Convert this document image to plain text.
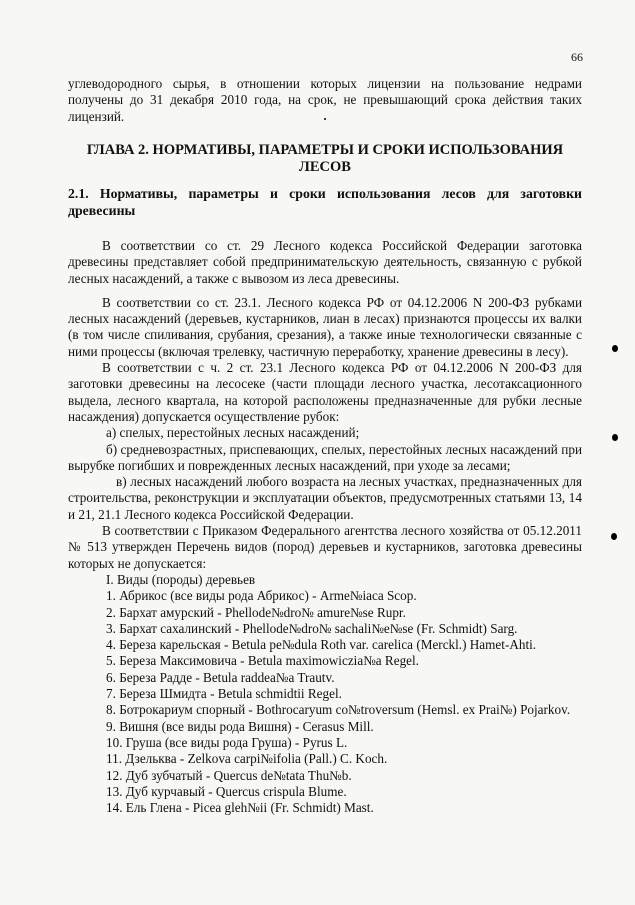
66
углеводородного сырья, в отношении которых лицензии на пользование недрами получены до 31 декабря 2010 года, на срок, не превышающий срока действия таких лицензий.
ГЛАВА 2. НОРМАТИВЫ, ПАРАМЕТРЫ И СРОКИ ИСПОЛЬЗОВАНИЯ ЛЕСОВ
2.1. Нормативы, параметры и сроки использования лесов для заготовки древесины

В соответствии со ст. 29 Лесного кодекса Российской Федерации заготовка древесины представляет собой предпринимательскую деятельность, связанную с рубкой лесных насаждений, а также с вывозом из леса древесины.

В соответствии со ст. 23.1. Лесного кодекса РФ от 04.12.2006 N 200-ФЗ рубками лесных насаждений (деревьев, кустарников, лиан в лесах) признаются процессы их валки (в том числе спиливания, срубания, срезания), а также иные технологически связанные с ними процессы (включая трелевку, частичную переработку, хранение древесины в лесу).

В соответствии с ч. 2 ст. 23.1 Лесного кодекса РФ от 04.12.2006 N 200-ФЗ для заготовки древесины на лесосеке (части площади лесного участка, лесотаксационного выдела, лесного квартала, на которой расположены предназначенные для рубки лесные насаждения) допускается осуществление рубок:

а) спелых, перестойных лесных насаждений;

б) средневозрастных, приспевающих, спелых, перестойных лесных насаждений при вырубке погибших и поврежденных лесных насаждений, при уходе за лесами;

в) лесных насаждений любого возраста на лесных участках, предназначенных для строительства, реконструкции и эксплуатации объектов, предусмотренных статьями 13, 14 и 21, 21.1 Лесного кодекса Российской Федерации.

В соответствии с Приказом Федерального агентства лесного хозяйства от 05.12.2011 № 513 утвержден Перечень видов (пород) деревьев и кустарников, заготовка древесины которых не допускается:

I. Виды (породы) деревьев

1. Абрикос (все виды рода Абрикос) - Arme№iaca Scop.
2. Бархат амурский - Phellode№dro№ amure№se Rupr.
3. Бархат сахалинский - Phellode№dro№ sachali№e№se (Fr. Schmidt) Sarg.
4. Береза карельская - Betula pe№dula Roth var. carelica (Merckl.) Hamet-Ahti.
5. Береза Максимовича - Betula maximowiczia№a Regel.
6. Береза Радде - Betula raddea№a Trautv.
7. Береза Шмидта - Betula schmidtii Regel.
8. Ботрокариум спорный - Bothrocaryum co№troversum (Hemsl. ex Prai№) Pojarkov.
9. Вишня (все виды рода Вишня) - Cerasus Mill.
10. Груша (все виды рода Груша) - Pyrus L.
11. Дзельква - Zelkova carpi№ifolia (Pall.) C. Koch.
12. Дуб зубчатый - Quercus de№tata Thu№b.
13. Дуб курчавый - Quercus crispula Blume.
14. Ель Глена - Picea gleh№ii (Fr. Schmidt) Mast.
